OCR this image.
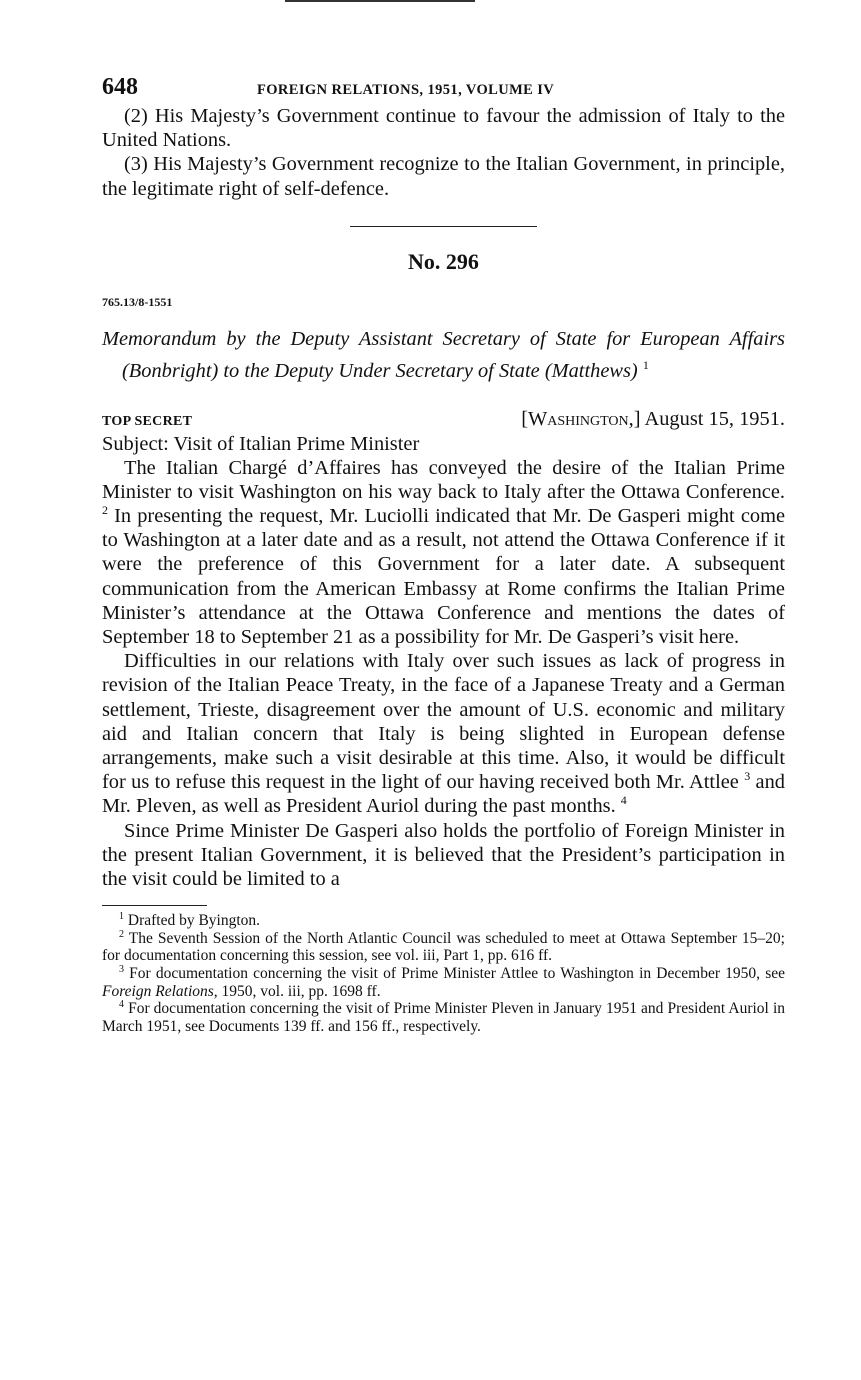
648	FOREIGN RELATIONS, 1951, VOLUME IV

(2) His Majesty’s Government continue to favour the admission of Italy to the United Nations.

(3) His Majesty’s Government recognize to the Italian Government, in principle, the legitimate right of self-defence.

No. 296
765.13/8-1551
Memorandum by the Deputy Assistant Secretary of State for European Affairs (Bonbright) to the Deputy Under Secretary of State (Matthews) $^1$
TOP SECRET	[Washington,] August 15, 1951.
Subject: Visit of Italian Prime Minister

The Italian Chargé d’Affaires has conveyed the desire of the Italian Prime Minister to visit Washington on his way back to Italy after the Ottawa Conference. $^2$ In presenting the request, Mr. Luciolli indicated that Mr. De Gasperi might come to Washington at a later date and as a result, not attend the Ottawa Conference if it were the preference of this Government for a later date. A subsequent communication from the American Embassy at Rome confirms the Italian Prime Minister’s attendance at the Ottawa Conference and mentions the dates of September 18 to September 21 as a possibility for Mr. De Gasperi’s visit here.

Difficulties in our relations with Italy over such issues as lack of progress in revision of the Italian Peace Treaty, in the face of a Japanese Treaty and a German settlement, Trieste, disagreement over the amount of U.S. economic and military aid and Italian concern that Italy is being slighted in European defense arrangements, make such a visit desirable at this time. Also, it would be difficult for us to refuse this request in the light of our having received both Mr. Attlee $^3$ and Mr. Pleven, as well as President Auriol during the past months. $^4$

Since Prime Minister De Gasperi also holds the portfolio of Foreign Minister in the present Italian Government, it is believed that the President’s participation in the visit could be limited to a

$^1$ Drafted by Byington.

$^2$ The Seventh Session of the North Atlantic Council was scheduled to meet at Ottawa September 15–20; for documentation concerning this session, see vol. iii, Part 1, pp. 616 ff.

$^3$ For documentation concerning the visit of Prime Minister Attlee to Washington in December 1950, see Foreign Relations, 1950, vol. iii, pp. 1698 ff.

$^4$ For documentation concerning the visit of Prime Minister Pleven in January 1951 and President Auriol in March 1951, see Documents 139 ff. and 156 ff., respectively.
